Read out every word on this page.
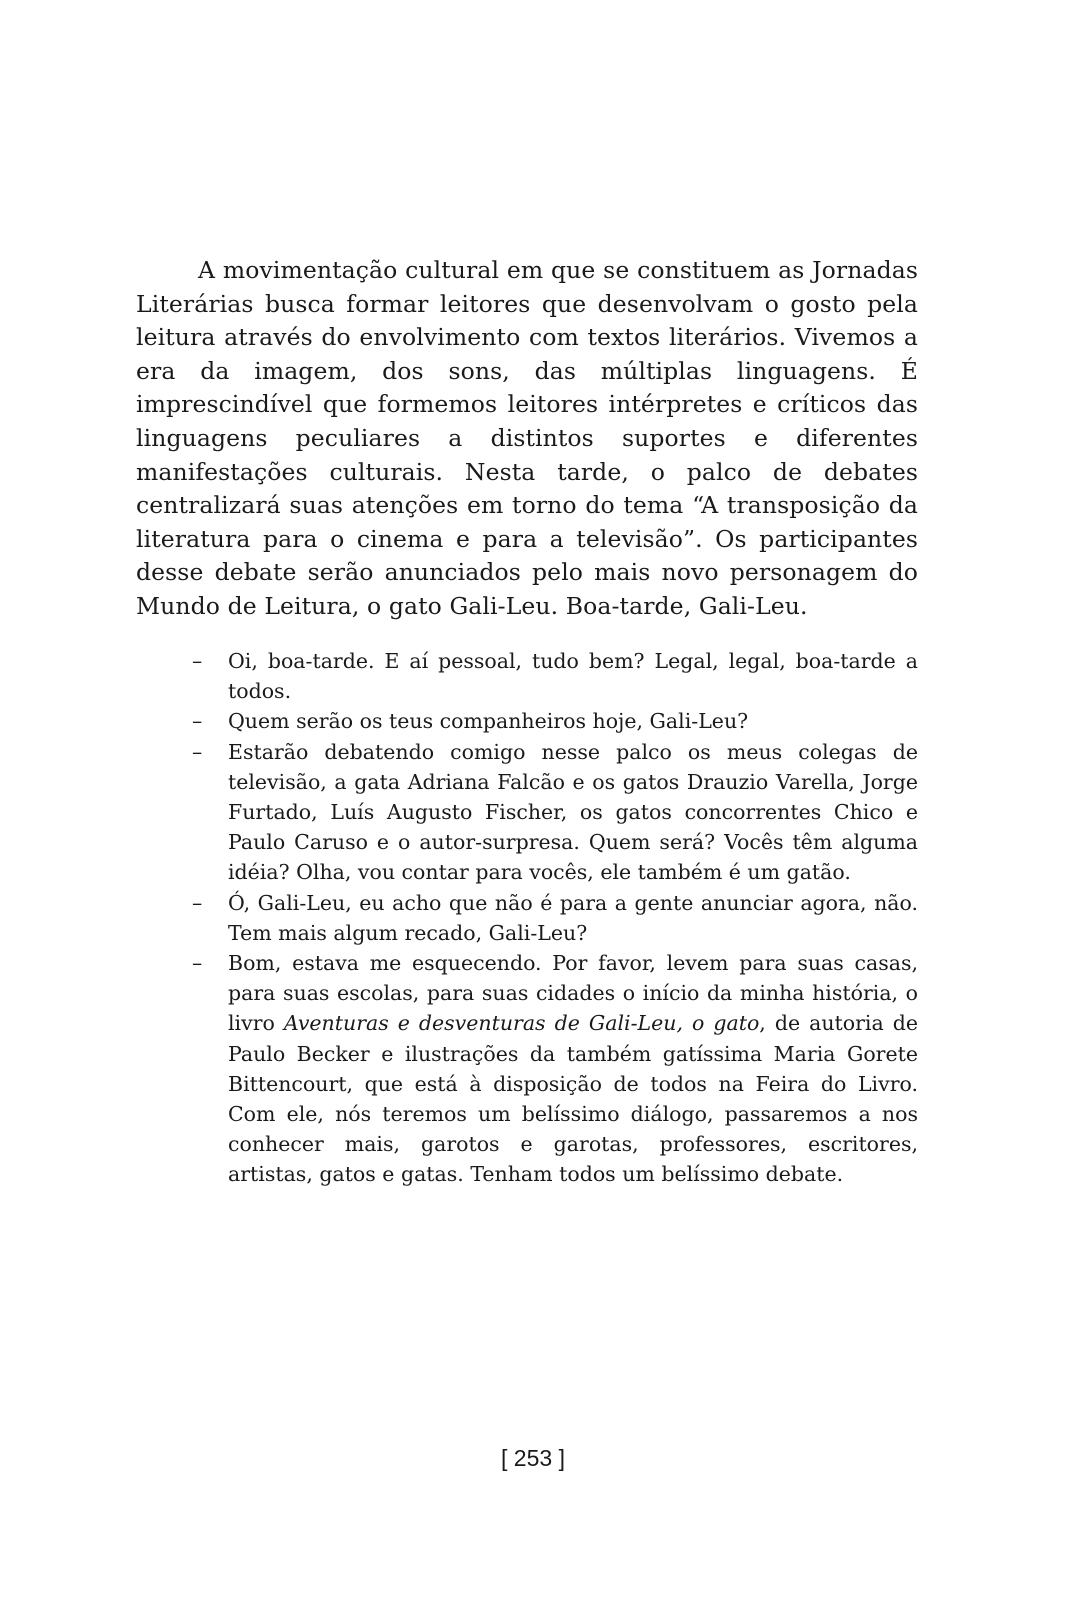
A movimentação cultural em que se constituem as Jornadas Literárias busca formar leitores que desenvolvam o gosto pela leitura através do envolvimento com textos literários. Vivemos a era da imagem, dos sons, das múltiplas linguagens. É imprescindível que formemos leitores intérpretes e críticos das linguagens peculiares a distintos suportes e diferentes manifestações culturais. Nesta tarde, o palco de debates centralizará suas atenções em torno do tema “A transposição da literatura para o cinema e para a televisão”. Os participantes desse debate serão anunciados pelo mais novo personagem do Mundo de Leitura, o gato Gali-Leu. Boa-tarde, Gali-Leu.

– Oi, boa-tarde. E aí pessoal, tudo bem? Legal, legal, boa-tarde a todos.
– Quem serão os teus companheiros hoje, Gali-Leu?
– Estarão debatendo comigo nesse palco os meus colegas de televisão, a gata Adriana Falcão e os gatos Drauzio Varella, Jorge Furtado, Luís Augusto Fischer, os gatos concorrentes Chico e Paulo Caruso e o autor-surpresa. Quem será? Vocês têm alguma idéia? Olha, vou contar para vocês, ele também é um gatão.
– Ó, Gali-Leu, eu acho que não é para a gente anunciar agora, não. Tem mais algum recado, Gali-Leu?
– Bom, estava me esquecendo. Por favor, levem para suas casas, para suas escolas, para suas cidades o início da minha história, o livro Aventuras e desventuras de Gali-Leu, o gato, de autoria de Paulo Becker e ilustrações da também gatíssima Maria Gorete Bittencourt, que está à disposição de todos na Feira do Livro. Com ele, nós teremos um belíssimo diálogo, passaremos a nos conhecer mais, garotos e garotas, professores, escritores, artistas, gatos e gatas. Tenham todos um belíssimo debate.
[ 253 ]
